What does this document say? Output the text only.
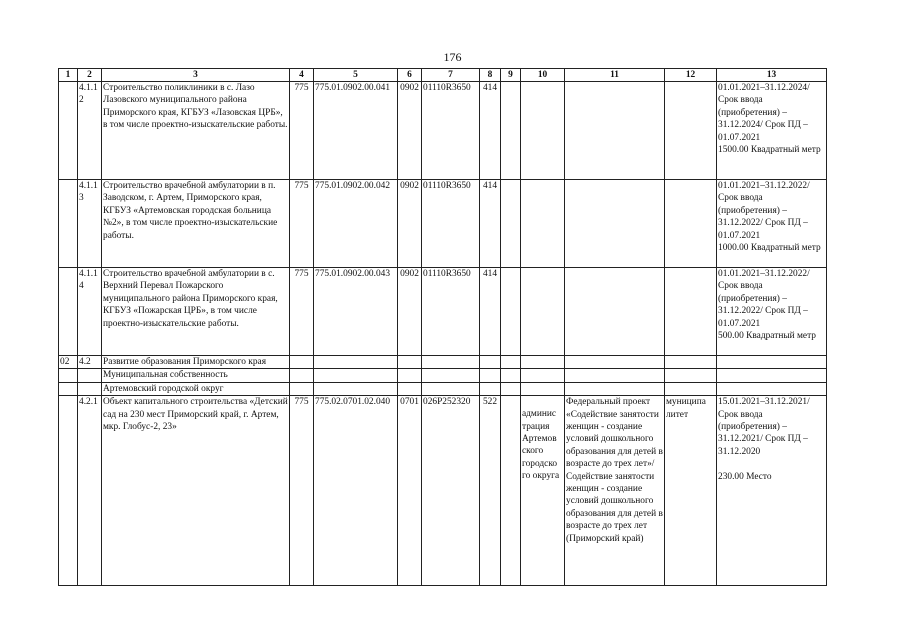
176
1	2	3	4	5	6	7	8	9	10	11	12	13
	4.1.1 2	Строительство поликлиники в с. Лазо Лазовского муниципального района Приморского края, КГБУЗ «Лазовская ЦРБ», в том числе проектно-изыскательские работы.	775	775.01.0902.00.041	0902	01110R3650	414					01.01.2021–31.12.2024/ Срок ввода (приобретения) – 31.12.2024/ Срок ПД – 01.07.2021
1500.00 Квадратный метр
	4.1.1 3	Строительство врачебной амбулатории в п. Заводском, г. Артем, Приморского края, КГБУЗ «Артемовская городская больница №2», в том числе проектно-изыскательские работы.	775	775.01.0902.00.042	0902	01110R3650	414					01.01.2021–31.12.2022/ Срок ввода (приобретения) – 31.12.2022/ Срок ПД – 01.07.2021
1000.00 Квадратный метр
	4.1.1 4	Строительство врачебной амбулатории в с. Верхний Перевал Пожарского муниципального района Приморского края, КГБУЗ «Пожарская ЦРБ», в том числе проектно-изыскательские работы.	775	775.01.0902.00.043	0902	01110R3650	414					01.01.2021–31.12.2022/ Срок ввода (приобретения) – 31.12.2022/ Срок ПД – 01.07.2021
500.00 Квадратный метр
02	4.2	Развитие образования Приморского края										
		Муниципальная собственность										
		Артемовский городской округ										
	4.2.1	Объект капитального строительства «Детский сад на 230 мест Приморский край, г. Артем, мкр. Глобус-2, 23»	775	775.02.0701.02.040	0701	026P252320	522		админис трация Артемов ского городско го округа	Федеральный проект «Содействие занятости женщин - создание условий дошкольного образования для детей в возрасте до трех лет»/Содействие занятости женщин - создание условий дошкольного образования для детей в возрасте до трех лет (Приморский край)	муниципа литет	15.01.2021–31.12.2021/ Срок ввода (приобретения) – 31.12.2021/ Срок ПД – 31.12.2020

230.00 Место
